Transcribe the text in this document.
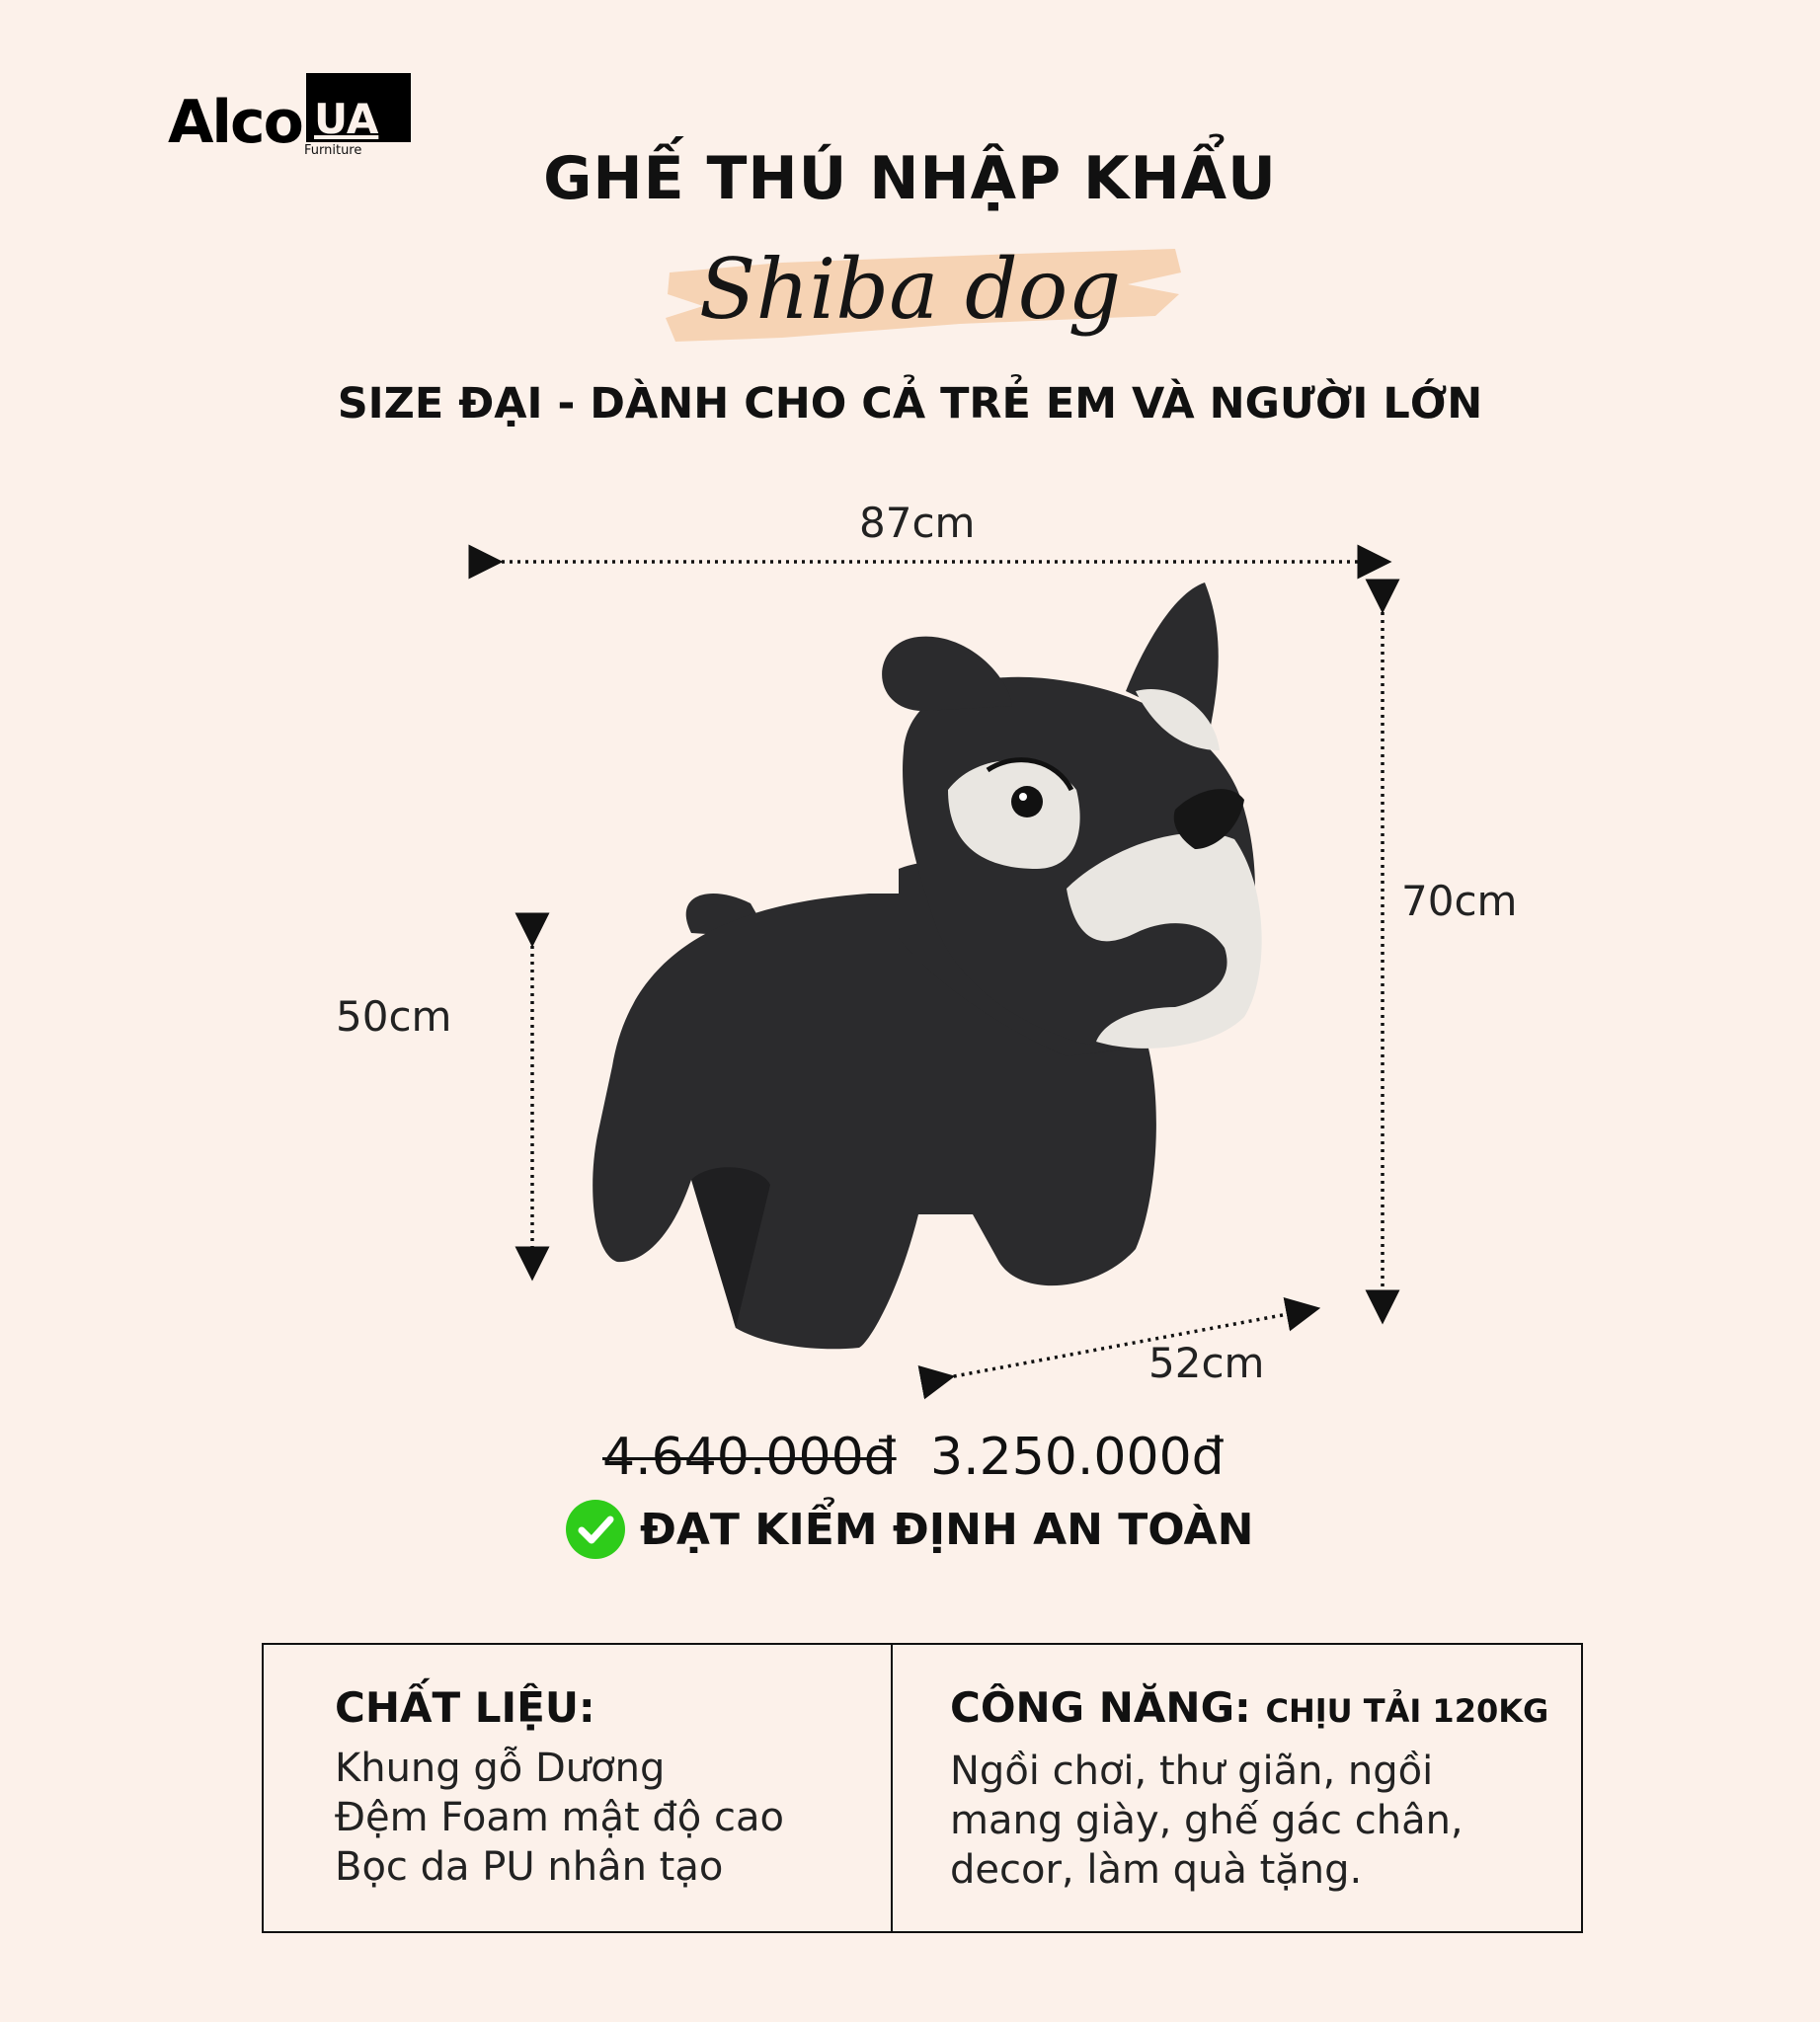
Alco UA
Furniture	GHẾ THÚ NHẬP KHẨU
Shiba dog
SIZE ĐẠI - DÀNH CHO CẢ TRẺ EM VÀ NGƯỜI LỚN
87cm
70cm
50cm
52cm
4.640.000đ 3.250.000đ
ĐẠT KIỂM ĐỊNH AN TOÀN
CHẤT LIỆU:
Khung gỗ Dương
Đệm Foam mật độ cao
Bọc da PU nhân tạo
CÔNG NĂNG: CHỊU TẢI 120KG
Ngồi chơi, thư giãn, ngồi
mang giày, ghế gác chân,
decor, làm quà tặng.
